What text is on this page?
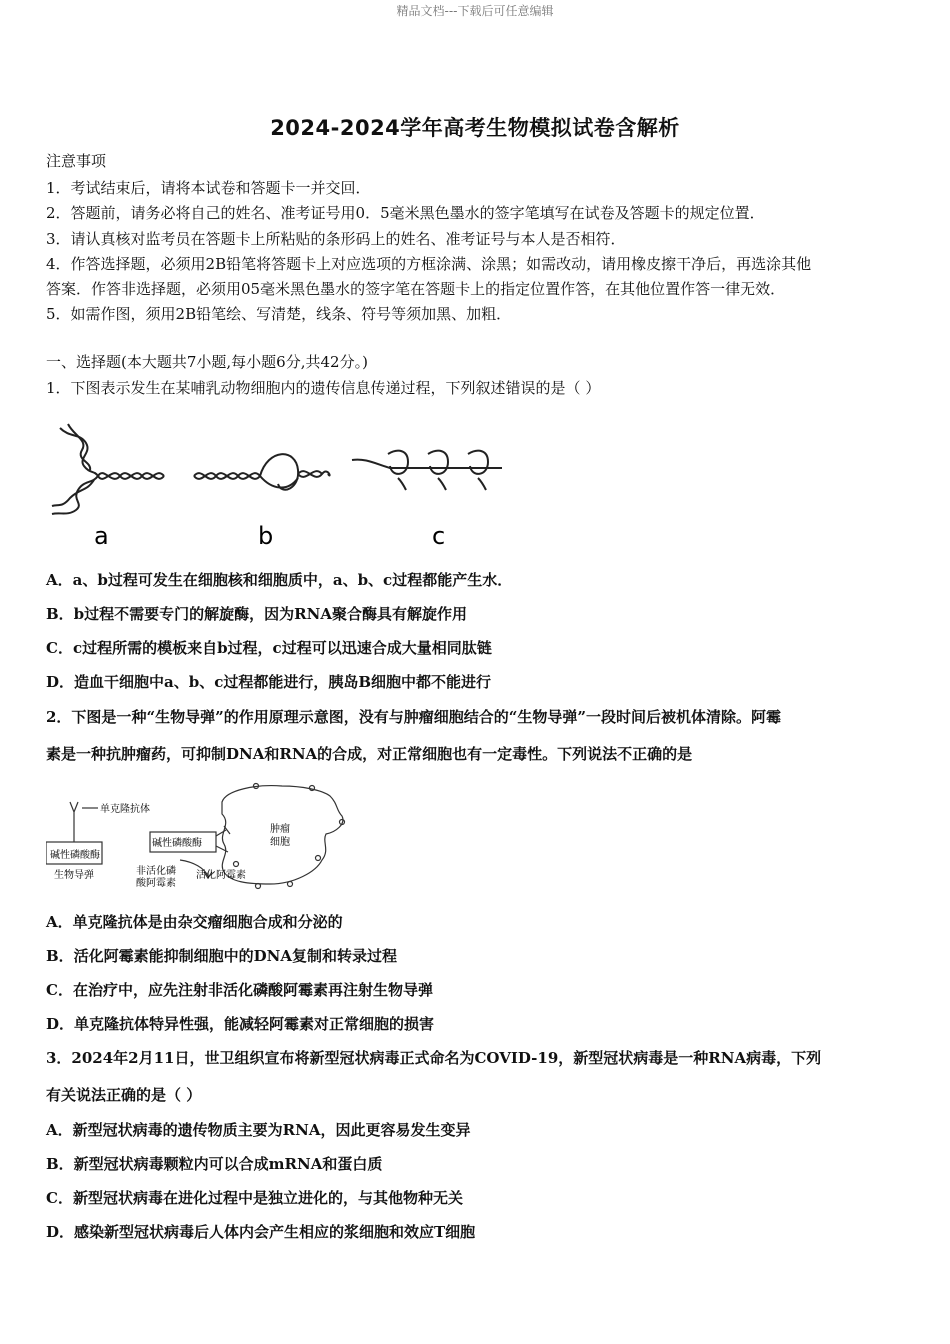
精品文档---下载后可任意编辑
2024-2024学年高考生物模拟试卷含解析
注意事项
1．考试结束后，请将本试卷和答题卡一并交回．
2．答题前，请务必将自己的姓名、准考证号用0．5毫米黑色墨水的签字笔填写在试卷及答题卡的规定位置．
3．请认真核对监考员在答题卡上所粘贴的条形码上的姓名、准考证号与本人是否相符．
4．作答选择题，必须用2B铅笔将答题卡上对应选项的方框涂满、涂黑；如需改动，请用橡皮擦干净后，再选涂其他
答案．作答非选择题，必须用05毫米黑色墨水的签字笔在答题卡上的指定位置作答，在其他位置作答一律无效．
5．如需作图，须用2B铅笔绘、写清楚，线条、符号等须加黑、加粗．
一、选择题(本大题共7小题,每小题6分,共42分。)
1．下图表示发生在某哺乳动物细胞内的遗传信息传递过程，下列叙述错误的是（ ）
a	b	c
A．a、b过程可发生在细胞核和细胞质中，a、b、c过程都能产生水．
B．b过程不需要专门的解旋酶，因为RNA聚合酶具有解旋作用
C．c过程所需的模板来自b过程，c过程可以迅速合成大量相同肽链
D．造血干细胞中a、b、c过程都能进行，胰岛B细胞中都不能进行
2．下图是一种“生物导弹”的作用原理示意图，没有与肿瘤细胞结合的“生物导弹”一段时间后被机体清除。阿霉
素是一种抗肿瘤药，可抑制DNA和RNA的合成，对正常细胞也有一定毒性。下列说法不正确的是
单克隆抗体
碱性磷酸酶
生物导弹
碱性磷酸酶
非活化磷
酸阿霉素
活化阿霉素
肿瘤
细胞
A．单克隆抗体是由杂交瘤细胞合成和分泌的
B．活化阿霉素能抑制细胞中的DNA复制和转录过程
C．在治疗中，应先注射非活化磷酸阿霉素再注射生物导弹
D．单克隆抗体特异性强，能减轻阿霉素对正常细胞的损害
3．2024年2月11日，世卫组织宣布将新型冠状病毒正式命名为COVID-19，新型冠状病毒是一种RNA病毒，下列
有关说法正确的是（ ）
A．新型冠状病毒的遗传物质主要为RNA，因此更容易发生变异
B．新型冠状病毒颗粒内可以合成mRNA和蛋白质
C．新型冠状病毒在进化过程中是独立进化的，与其他物种无关
D．感染新型冠状病毒后人体内会产生相应的浆细胞和效应T细胞
